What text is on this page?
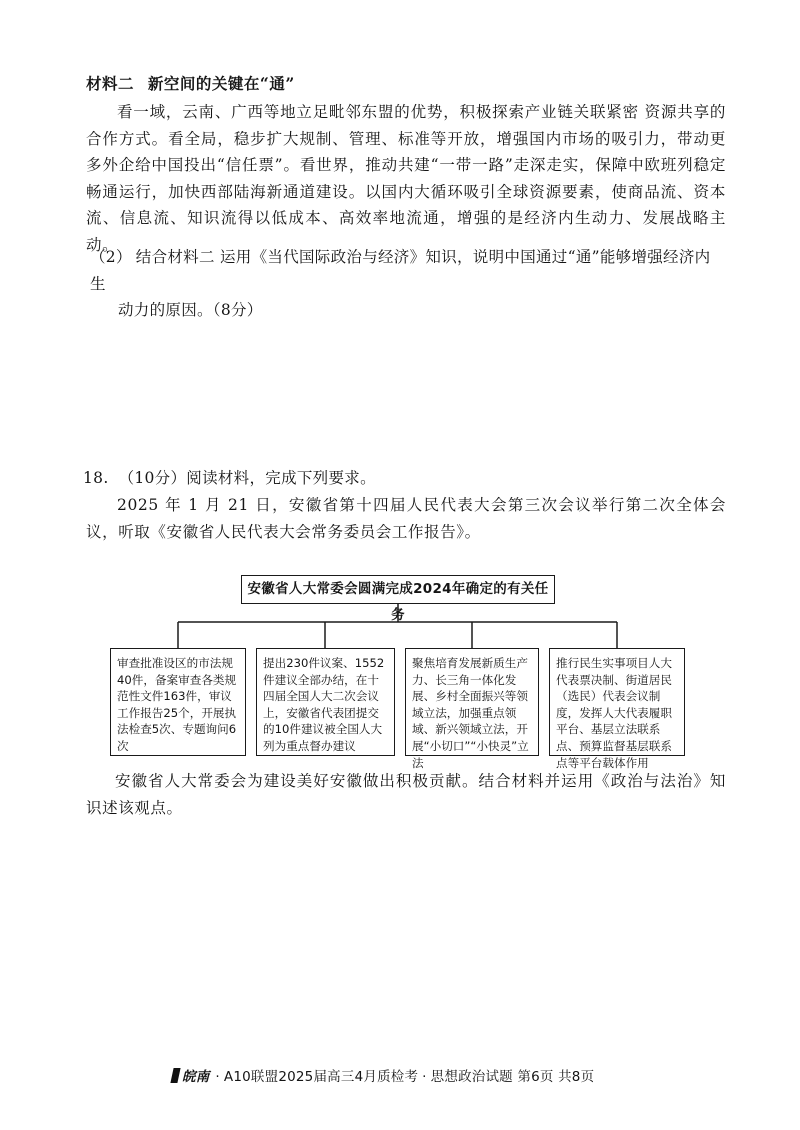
材料二 新空间的关键在“通”
看一域，云南、广西等地立足毗邻东盟的优势，积极探索产业链关联紧密 资源共享的合作方式。看全局，稳步扩大规制、管理、标准等开放，增强国内市场的吸引力，带动更多外企给中国投出“信任票”。看世界，推动共建“一带一路”走深走实，保障中欧班列稳定畅通运行，加快西部陆海新通道建设。以国内大循环吸引全球资源要素，使商品流、资本流、信息流、知识流得以低成本、高效率地流通，增强的是经济内生动力、发展战略主动。
（2） 结合材料二 运用《当代国际政治与经济》知识，说明中国通过“通”能够增强经济内生
动力的原因。（8分）
18. （10分）阅读材料，完成下列要求。
2025 年 1 月 21 日，安徽省第十四届人民代表大会第三次会议举行第二次全体会议，听取《安徽省人民代表大会常务委员会工作报告》。
安徽省人大常委会圆满完成2024年确定的有关任务
审查批准设区的市法规40件，备案审查各类规范性文件163件，审议工作报告25个，开展执法检查5次、专题询问6次
提出230件议案、1552件建议全部办结，在十四届全国人大二次会议上，安徽省代表团提交的10件建议被全国人大列为重点督办建议
聚焦培育发展新质生产力、长三角一体化发展、乡村全面振兴等领域立法，加强重点领域、新兴领域立法，开展“小切口”“小快灵”立法
推行民生实事项目人大代表票决制、街道居民（选民）代表会议制度，发挥人大代表履职平台、基层立法联系点、预算监督基层联系点等平台载体作用
安徽省人大常委会为建设美好安徽做出积极贡献。结合材料并运用《政治与法治》知识述该观点。
皖南 · A10联盟2025届高三4月质检考 · 思想政治试题 第6页 共8页
